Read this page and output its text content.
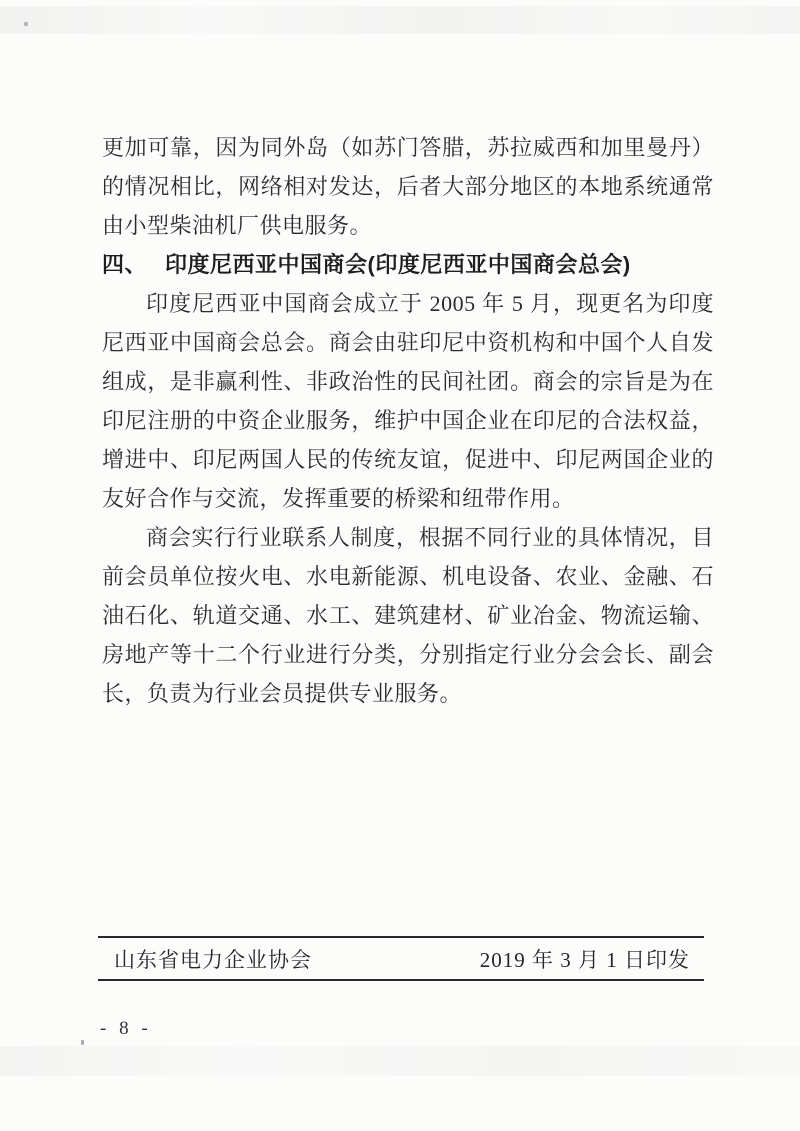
更加可靠，因为同外岛（如苏门答腊，苏拉威西和加里曼丹）的情况相比，网络相对发达，后者大部分地区的本地系统通常由小型柴油机厂供电服务。

四、 印度尼西亚中国商会(印度尼西亚中国商会总会)

印度尼西亚中国商会成立于 2005 年 5 月，现更名为印度尼西亚中国商会总会。商会由驻印尼中资机构和中国个人自发组成，是非赢利性、非政治性的民间社团。商会的宗旨是为在印尼注册的中资企业服务，维护中国企业在印尼的合法权益，增进中、印尼两国人民的传统友谊，促进中、印尼两国企业的友好合作与交流，发挥重要的桥梁和纽带作用。

商会实行行业联系人制度，根据不同行业的具体情况，目前会员单位按火电、水电新能源、机电设备、农业、金融、石油石化、轨道交通、水工、建筑建材、矿业冶金、物流运输、房地产等十二个行业进行分类，分别指定行业分会会长、副会长，负责为行业会员提供专业服务。

山东省电力企业协会	2019 年 3 月 1 日印发
- 8 -
